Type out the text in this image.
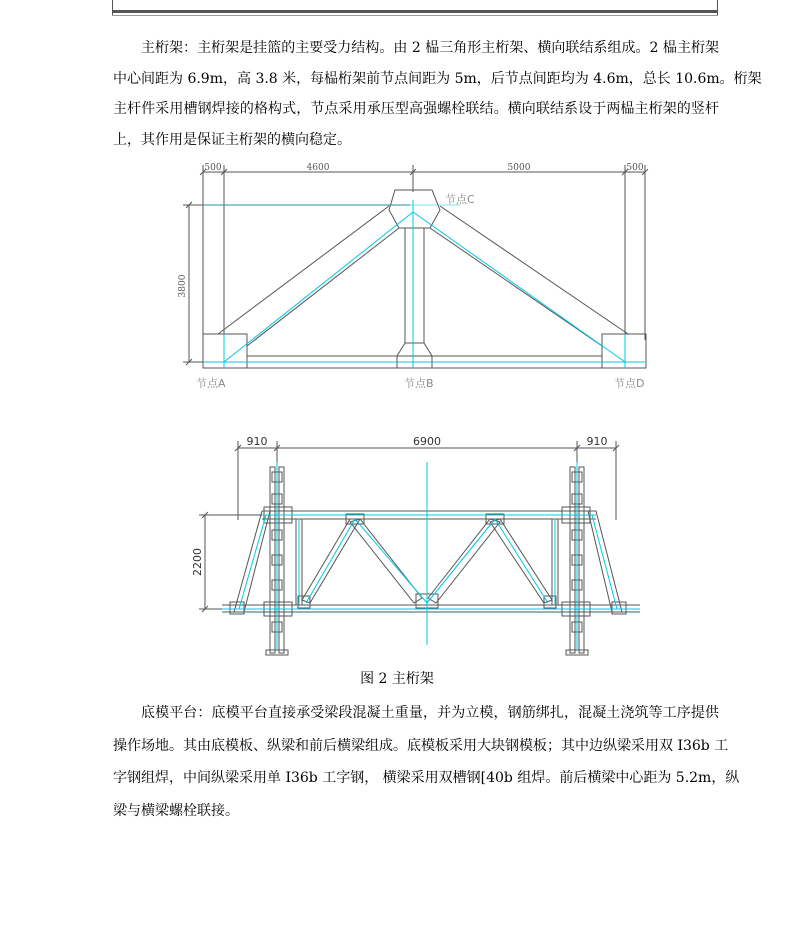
主桁架：主桁架是挂篮的主要受力结构。由 2 榀三角形主桁架、横向联结系组成。2 榀主桁架
中心间距为 6.9m，高 3.8 米，每榀桁架前节点间距为 5m，后节点间距均为 4.6m，总长 10.6m。桁架
主杆件采用槽钢焊接的格构式，节点采用承压型高强螺栓联结。横向联结系设于两榀主桁架的竖杆
上，其作用是保证主桁架的横向稳定。
500	4600	5000	500
3800
节点A	节点B
节点C
节点D
910	6900	910
2200
图 2 主桁架
底模平台：底模平台直接承受梁段混凝土重量，并为立模，钢筋绑扎，混凝土浇筑等工序提供
操作场地。其由底模板、纵梁和前后横梁组成。底模板采用大块钢模板；其中边纵梁采用双 I36b 工
字钢组焊，中间纵梁采用单 I36b 工字钢， 横梁采用双槽钢[40b 组焊。前后横梁中心距为 5.2m，纵
梁与横梁螺栓联接。
